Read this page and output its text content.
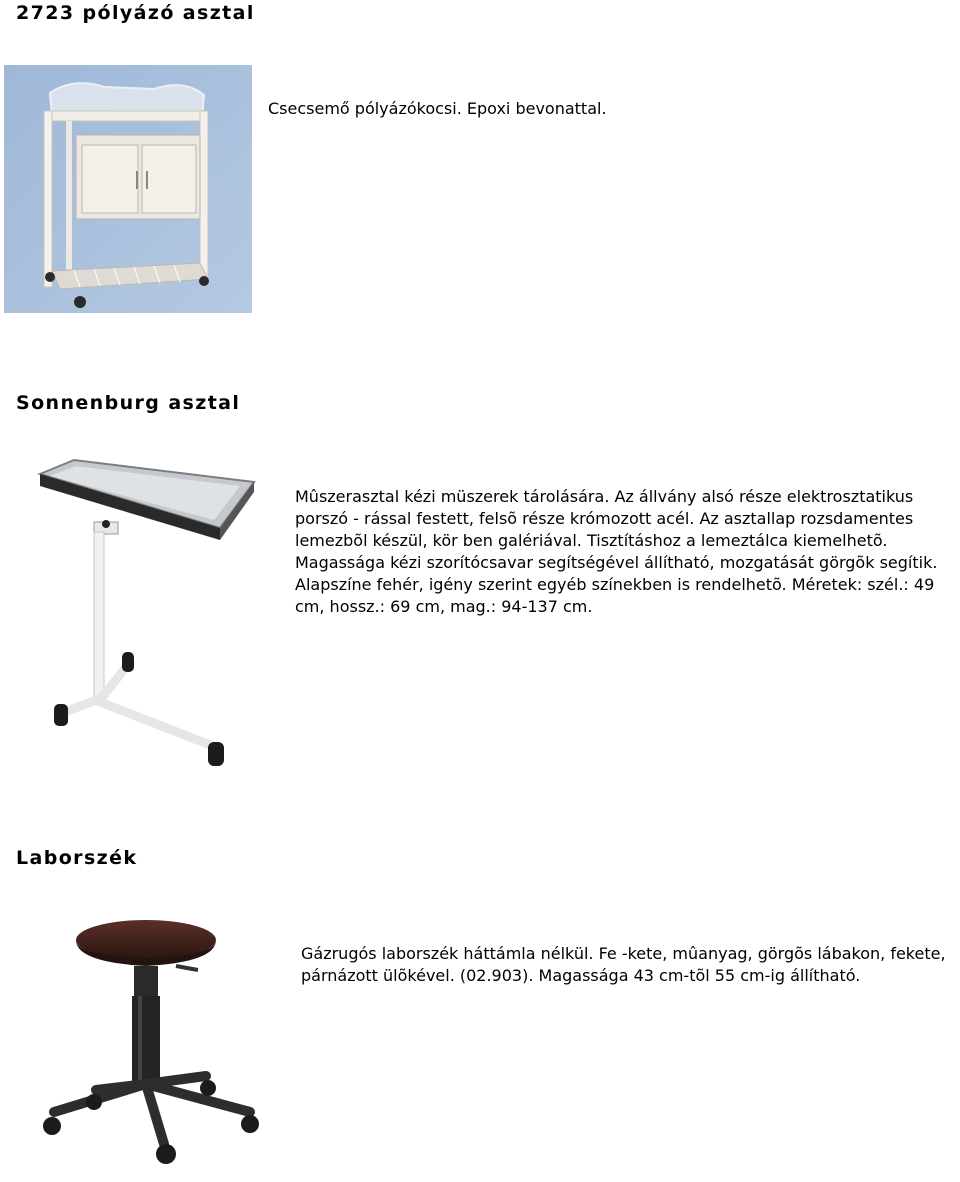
2723 pólyázó asztal

Csecsemő pólyázókocsi. Epoxi bevonattal.

Sonnenburg asztal

Mûszerasztal kézi müszerek tárolására. Az állvány alsó része elektrosztatikus porszó - rással festett, felsõ része krómozott acél. Az asztallap rozsdamentes lemezbõl készül, kör ben galériával. Tisztításhoz a lemeztálca kiemelhetõ. Magassága kézi szorítócsavar segítségével állítható, mozgatását görgõk segítik. Alapszíne fehér, igény szerint egyéb színekben is rendelhetõ. Méretek: szél.: 49 cm, hossz.: 69 cm, mag.: 94-137 cm.

Laborszék

Gázrugós laborszék háttámla nélkül. Fe -kete, mûanyag, görgõs lábakon, fekete, párnázott ülõkével. (02.903). Magassága 43 cm-tõl 55 cm-ig állítható.
